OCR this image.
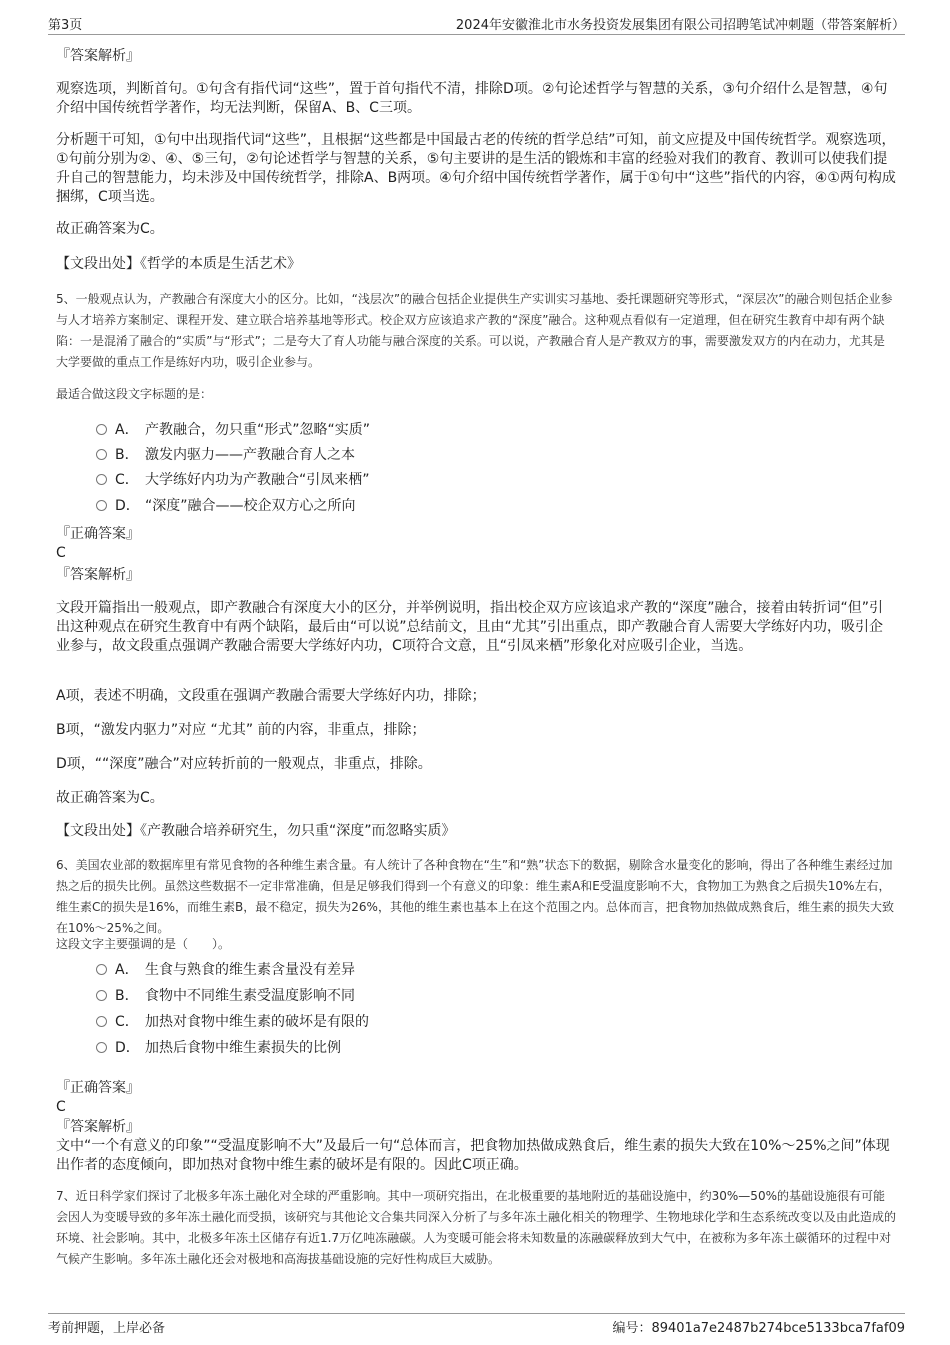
第3页	2024年安徽淮北市水务投资发展集团有限公司招聘笔试冲刺题（带答案解析）
『答案解析』
观察选项，判断首句。①句含有指代词“这些”，置于首句指代不清，排除D项。②句论述哲学与智慧的关系，③句介绍什么是智慧，④句介绍中国传统哲学著作，均无法判断，保留A、B、C三项。
分析题干可知，①句中出现指代词“这些”，且根据“这些都是中国最古老的传统的哲学总结”可知，前文应提及中国传统哲学。观察选项，①句前分别为②、④、⑤三句，②句论述哲学与智慧的关系，⑤句主要讲的是生活的锻炼和丰富的经验对我们的教育、教训可以使我们提升自己的智慧能力，均未涉及中国传统哲学，排除A、B两项。④句介绍中国传统哲学著作，属于①句中“这些”指代的内容，④①两句构成捆绑，C项当选。
故正确答案为C。
【文段出处】《哲学的本质是生活艺术》
5、一般观点认为，产教融合有深度大小的区分。比如，“浅层次”的融合包括企业提供生产实训实习基地、委托课题研究等形式，“深层次”的融合则包括企业参与人才培养方案制定、课程开发、建立联合培养基地等形式。校企双方应该追求产教的“深度”融合。这种观点看似有一定道理，但在研究生教育中却有两个缺陷：一是混淆了融合的“实质”与“形式”；二是夸大了育人功能与融合深度的关系。可以说，产教融合育人是产教双方的事，需要激发双方的内在动力，尤其是大学要做的重点工作是练好内功，吸引企业参与。
最适合做这段文字标题的是：
A． 产教融合，勿只重“形式”忽略“实质”
B． 激发内驱力——产教融合育人之本
C． 大学练好内功为产教融合“引凤来栖”
D． “深度”融合——校企双方心之所向
『正确答案』
C
『答案解析』
文段开篇指出一般观点，即产教融合有深度大小的区分，并举例说明，指出校企双方应该追求产教的“深度”融合，接着由转折词“但”引出这种观点在研究生教育中有两个缺陷，最后由“可以说”总结前文，且由“尤其”引出重点，即产教融合育人需要大学练好内功，吸引企业参与，故文段重点强调产教融合需要大学练好内功，C项符合文意，且“引凤来栖”形象化对应吸引企业，当选。
A项，表述不明确，文段重在强调产教融合需要大学练好内功，排除；
B项，“激发内驱力”对应 “尤其” 前的内容，非重点，排除；
D项，““深度”融合”对应转折前的一般观点，非重点，排除。
故正确答案为C。
【文段出处】《产教融合培养研究生，勿只重“深度”而忽略实质》
6、美国农业部的数据库里有常见食物的各种维生素含量。有人统计了各种食物在“生”和“熟”状态下的数据，剔除含水量变化的影响，得出了各种维生素经过加热之后的损失比例。虽然这些数据不一定非常准确，但是足够我们得到一个有意义的印象：维生素A和E受温度影响不大，食物加工为熟食之后损失10%左右，维生素C的损失是16%，而维生素B，最不稳定，损失为26%，其他的维生素也基本上在这个范围之内。总体而言，把食物加热做成熟食后，维生素的损失大致在10%～25%之间。
这段文字主要强调的是（　　）。
A． 生食与熟食的维生素含量没有差异
B． 食物中不同维生素受温度影响不同
C． 加热对食物中维生素的破坏是有限的
D． 加热后食物中维生素损失的比例
『正确答案』
C
『答案解析』
文中“一个有意义的印象”“受温度影响不大”及最后一句“总体而言，把食物加热做成熟食后，维生素的损失大致在10%～25%之间”体现出作者的态度倾向，即加热对食物中维生素的破坏是有限的。因此C项正确。
7、近日科学家们探讨了北极多年冻土融化对全球的严重影响。其中一项研究指出，在北极重要的基地附近的基础设施中，约30%—50%的基础设施很有可能会因人为变暖导致的多年冻土融化而受损，该研究与其他论文合集共同深入分析了与多年冻土融化相关的物理学、生物地球化学和生态系统改变以及由此造成的环境、社会影响。其中，北极多年冻土区储存有近1.7万亿吨冻融碳。人为变暖可能会将未知数量的冻融碳释放到大气中，在被称为多年冻土碳循环的过程中对气候产生影响。多年冻土融化还会对极地和高海拔基础设施的完好性构成巨大威胁。
考前押题，上岸必备	编号：89401a7e2487b274bce5133bca7faf09
